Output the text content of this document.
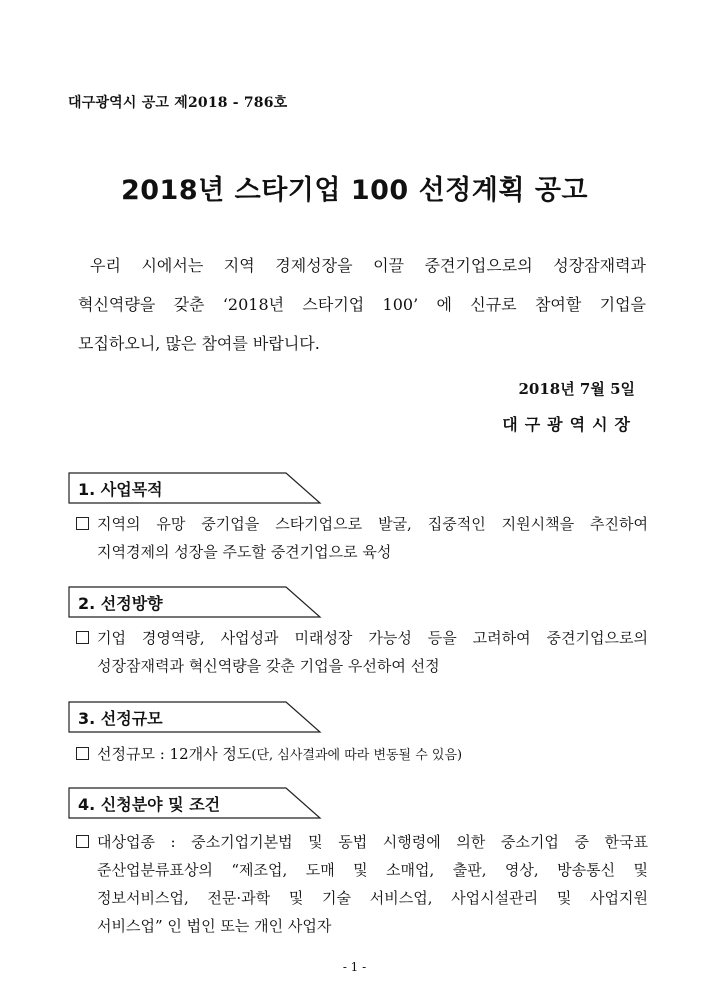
대구광역시 공고 제2018 - 786호
2018년 스타기업 100 선정계획 공고
우리 시에서는 지역 경제성장을 이끌 중견기업으로의 성장잠재력과
혁신역량을 갖춘 ‘2018년 스타기업 100’ 에 신규로 참여할 기업을
모집하오니, 많은 참여를 바랍니다.
2018년 7월 5일
대구광역시장
1. 사업목적
지역의 유망 중기업을 스타기업으로 발굴, 집중적인 지원시책을 추진하여
지역경제의 성장을 주도할 중견기업으로 육성
2. 선정방향
기업 경영역량, 사업성과 미래성장 가능성 등을 고려하여 중견기업으로의
성장잠재력과 혁신역량을 갖춘 기업을 우선하여 선정
3. 선정규모
선정규모 : 12개사 정도(단, 심사결과에 따라 변동될 수 있음)
4. 신청분야 및 조건
대상업종 : 중소기업기본법 및 동법 시행령에 의한 중소기업 중 한국표
준산업분류표상의 “제조업, 도매 및 소매업, 출판, 영상, 방송통신 및
정보서비스업, 전문·과학 및 기술 서비스업, 사업시설관리 및 사업지원
서비스업” 인 법인 또는 개인 사업자
- 1 -
